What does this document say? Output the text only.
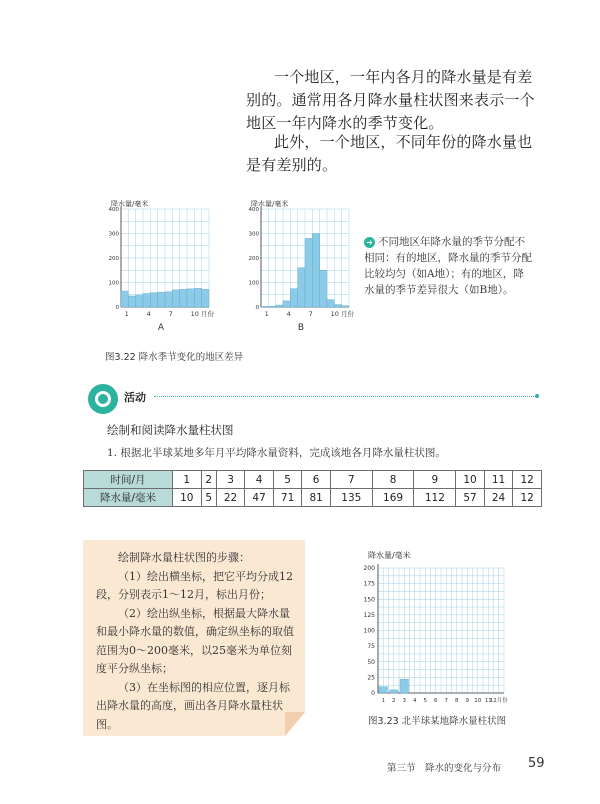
一个地区，一年内各月的降水量是有差别的。通常用各月降水量柱状图来表示一个地区一年内降水的季节变化。
此外，一个地区，不同年份的降水量也是有差别的。
降水量/毫米
400
300
200
100
0
1	4	7	10 月份
A
降水量/毫米
400
300
200
100
0
1	4	7	10 月份
B
➜ 不同地区年降水量的季节分配不相同：有的地区，降水量的季节分配比较均匀（如A地）；有的地区，降水量的季节差异很大（如B地）。
图3.22 降水季节变化的地区差异
活动
绘制和阅读降水量柱状图
1. 根据北半球某地多年月平均降水量资料，完成该地各月降水量柱状图。
时间/月	1	2	3	4	5	6	7	8	9	10	11	12
降水量/毫米	10	5	22	47	71	81	135	169	112	57	24	12
绘制降水量柱状图的步骤：
（1）绘出横坐标，把它平均分成12段，分别表示1～12月，标出月份；
（2）绘出纵坐标，根据最大降水量和最小降水量的数值，确定纵坐标的取值范围为0～200毫米，以25毫米为单位刻度平分纵坐标；
（3）在坐标图的相应位置，逐月标出降水量的高度，画出各月降水量柱状图。
降水量/毫米
200
175
150
125
100
75
50
25
0
1 2 3 4 5 6 7 8 9 10 11
12月份
图3.23 北半球某地降水量柱状图
第三节　降水的变化与分布 59
